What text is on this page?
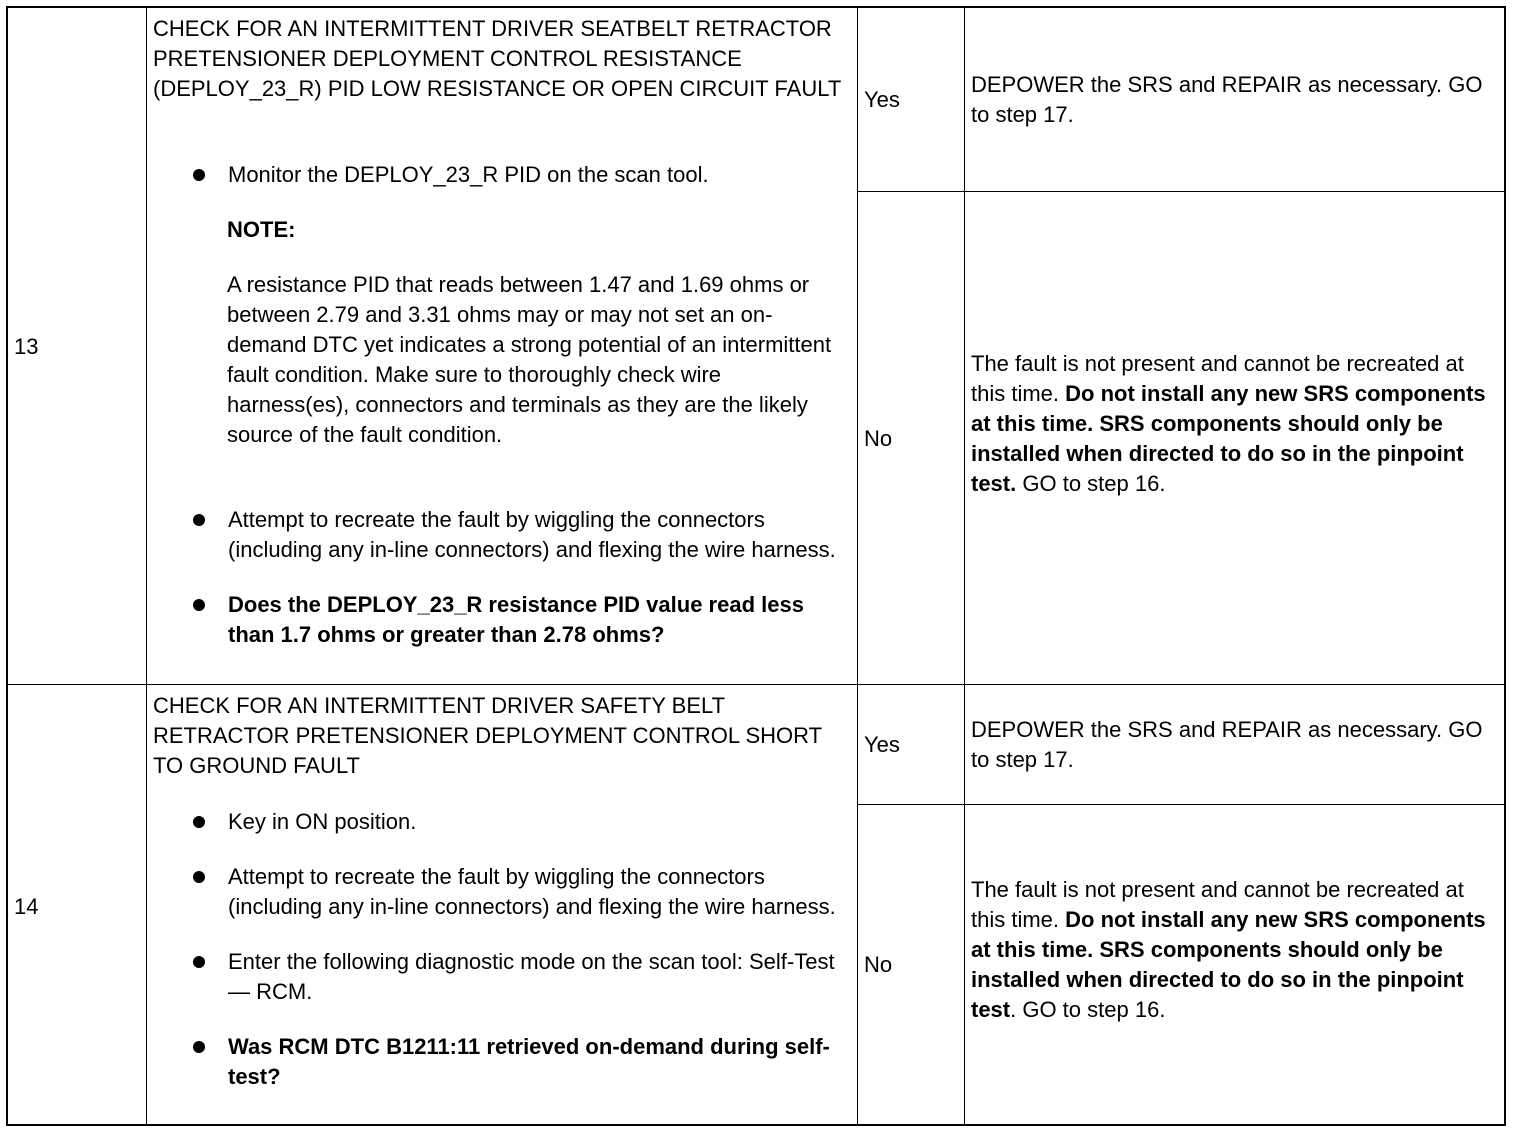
13
CHECK FOR AN INTERMITTENT DRIVER SEATBELT RETRACTOR PRETENSIONER DEPLOYMENT CONTROL RESISTANCE (DEPLOY_23_R) PID LOW RESISTANCE OR OPEN CIRCUIT FAULT
Monitor the DEPLOY_23_R PID on the scan tool.
NOTE:
A resistance PID that reads between 1.47 and 1.69 ohms or between 2.79 and 3.31 ohms may or may not set an on-demand DTC yet indicates a strong potential of an intermittent fault condition. Make sure to thoroughly check wire harness(es), connectors and terminals as they are the likely source of the fault condition.
Attempt to recreate the fault by wiggling the connectors (including any in-line connectors) and flexing the wire harness.
Does the DEPLOY_23_R resistance PID value read less than 1.7 ohms or greater than 2.78 ohms?
Yes
DEPOWER the SRS and REPAIR as necessary. GO to step 17.
No
The fault is not present and cannot be recreated at this time. Do not install any new SRS components at this time. SRS components should only be installed when directed to do so in the pinpoint test. GO to step 16.
14
CHECK FOR AN INTERMITTENT DRIVER SAFETY BELT RETRACTOR PRETENSIONER DEPLOYMENT CONTROL SHORT TO GROUND FAULT
Key in ON position.
Attempt to recreate the fault by wiggling the connectors (including any in-line connectors) and flexing the wire harness.
Enter the following diagnostic mode on the scan tool: Self-Test — RCM.
Was RCM DTC B1211:11 retrieved on-demand during self-test?
Yes
DEPOWER the SRS and REPAIR as necessary. GO to step 17.
No
The fault is not present and cannot be recreated at this time. Do not install any new SRS components at this time. SRS components should only be installed when directed to do so in the pinpoint test. GO to step 16.
